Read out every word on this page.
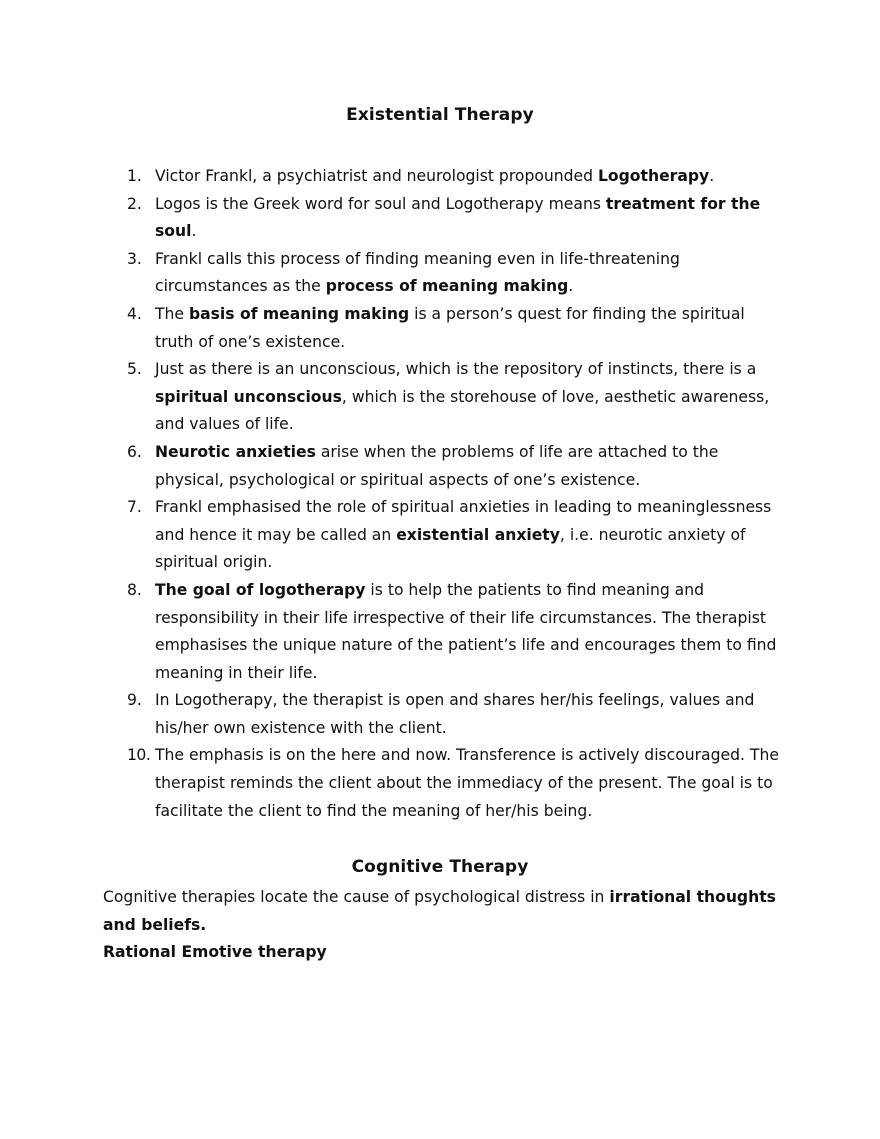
Existential Therapy
1. Victor Frankl, a psychiatrist and neurologist propounded Logotherapy.
2. Logos is the Greek word for soul and Logotherapy means treatment for the soul.
3. Frankl calls this process of finding meaning even in life-threatening circumstances as the process of meaning making.
4. The basis of meaning making is a person’s quest for finding the spiritual truth of one’s existence.
5. Just as there is an unconscious, which is the repository of instincts, there is a spiritual unconscious, which is the storehouse of love, aesthetic awareness, and values of life.
6. Neurotic anxieties arise when the problems of life are attached to the physical, psychological or spiritual aspects of one’s existence.
7. Frankl emphasised the role of spiritual anxieties in leading to meaninglessness and hence it may be called an existential anxiety, i.e. neurotic anxiety of spiritual origin.
8. The goal of logotherapy is to help the patients to find meaning and responsibility in their life irrespective of their life circumstances. The therapist emphasises the unique nature of the patient’s life and encourages them to find meaning in their life.
9. In Logotherapy, the therapist is open and shares her/his feelings, values and his/her own existence with the client.
10. The emphasis is on the here and now. Transference is actively discouraged. The therapist reminds the client about the immediacy of the present. The goal is to facilitate the client to find the meaning of her/his being.
Cognitive Therapy

Cognitive therapies locate the cause of psychological distress in irrational thoughts and beliefs.

Rational Emotive therapy
